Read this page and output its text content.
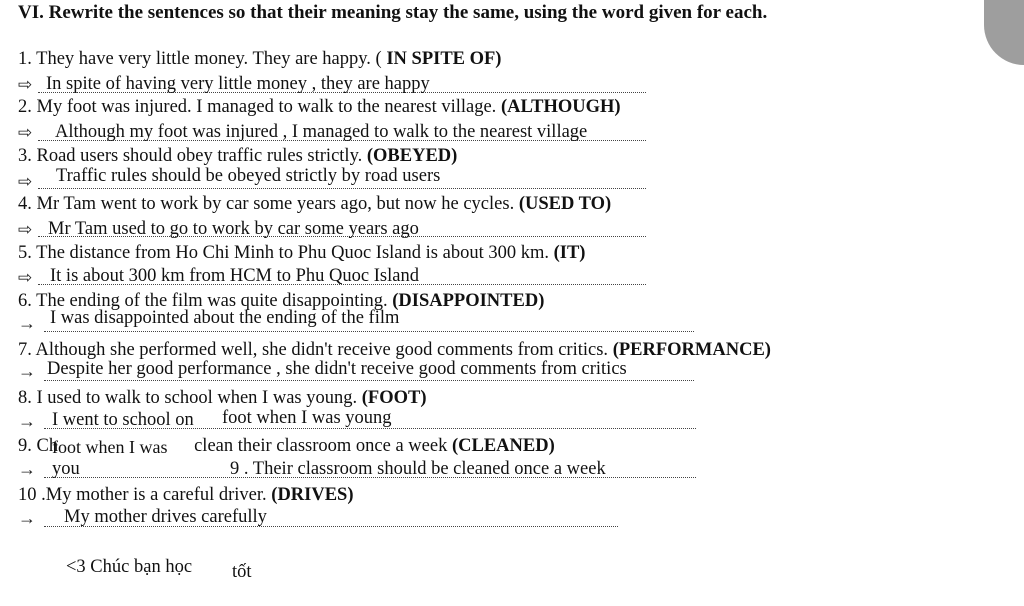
VI. Rewrite the sentences so that their meaning stay the same, using the word given for each.
1. They have very little money. They are happy. ( IN SPITE OF)
⇨ In spite of having very little money , they are happy
2. My foot was injured. I managed to walk to the nearest village. (ALTHOUGH)
⇨ Although my foot was injured , I managed to walk to the nearest village
3. Road users should obey traffic rules strictly. (OBEYED)
⇨ Traffic rules should be obeyed strictly by road users
4. Mr Tam went to work by car some years ago, but now he cycles. (USED TO)
⇨ Mr Tam used to go to work by car some years ago
5. The distance from Ho Chi Minh to Phu Quoc Island is about 300 km. (IT)
⇨ It is about 300 km from HCM to Phu Quoc Island
6. The ending of the film was quite disappointing. (DISAPPOINTED)
→ I was disappointed about the ending of the film
7. Although she performed well, she didn't receive good comments from critics. (PERFORMANCE)
→ Despite her good performance , she didn't receive good comments from critics
8. I used to walk to school when I was young. (FOOT)
→ I went to school on foot when I was young
9. Ch	clean their classroom once a week (CLEANED)
foot when I was
→ you	9 . Their classroom should be cleaned once a week
10 .My mother is a careful driver. (DRIVES)
→ My mother drives carefully
<3 Chúc bạn học tốt
